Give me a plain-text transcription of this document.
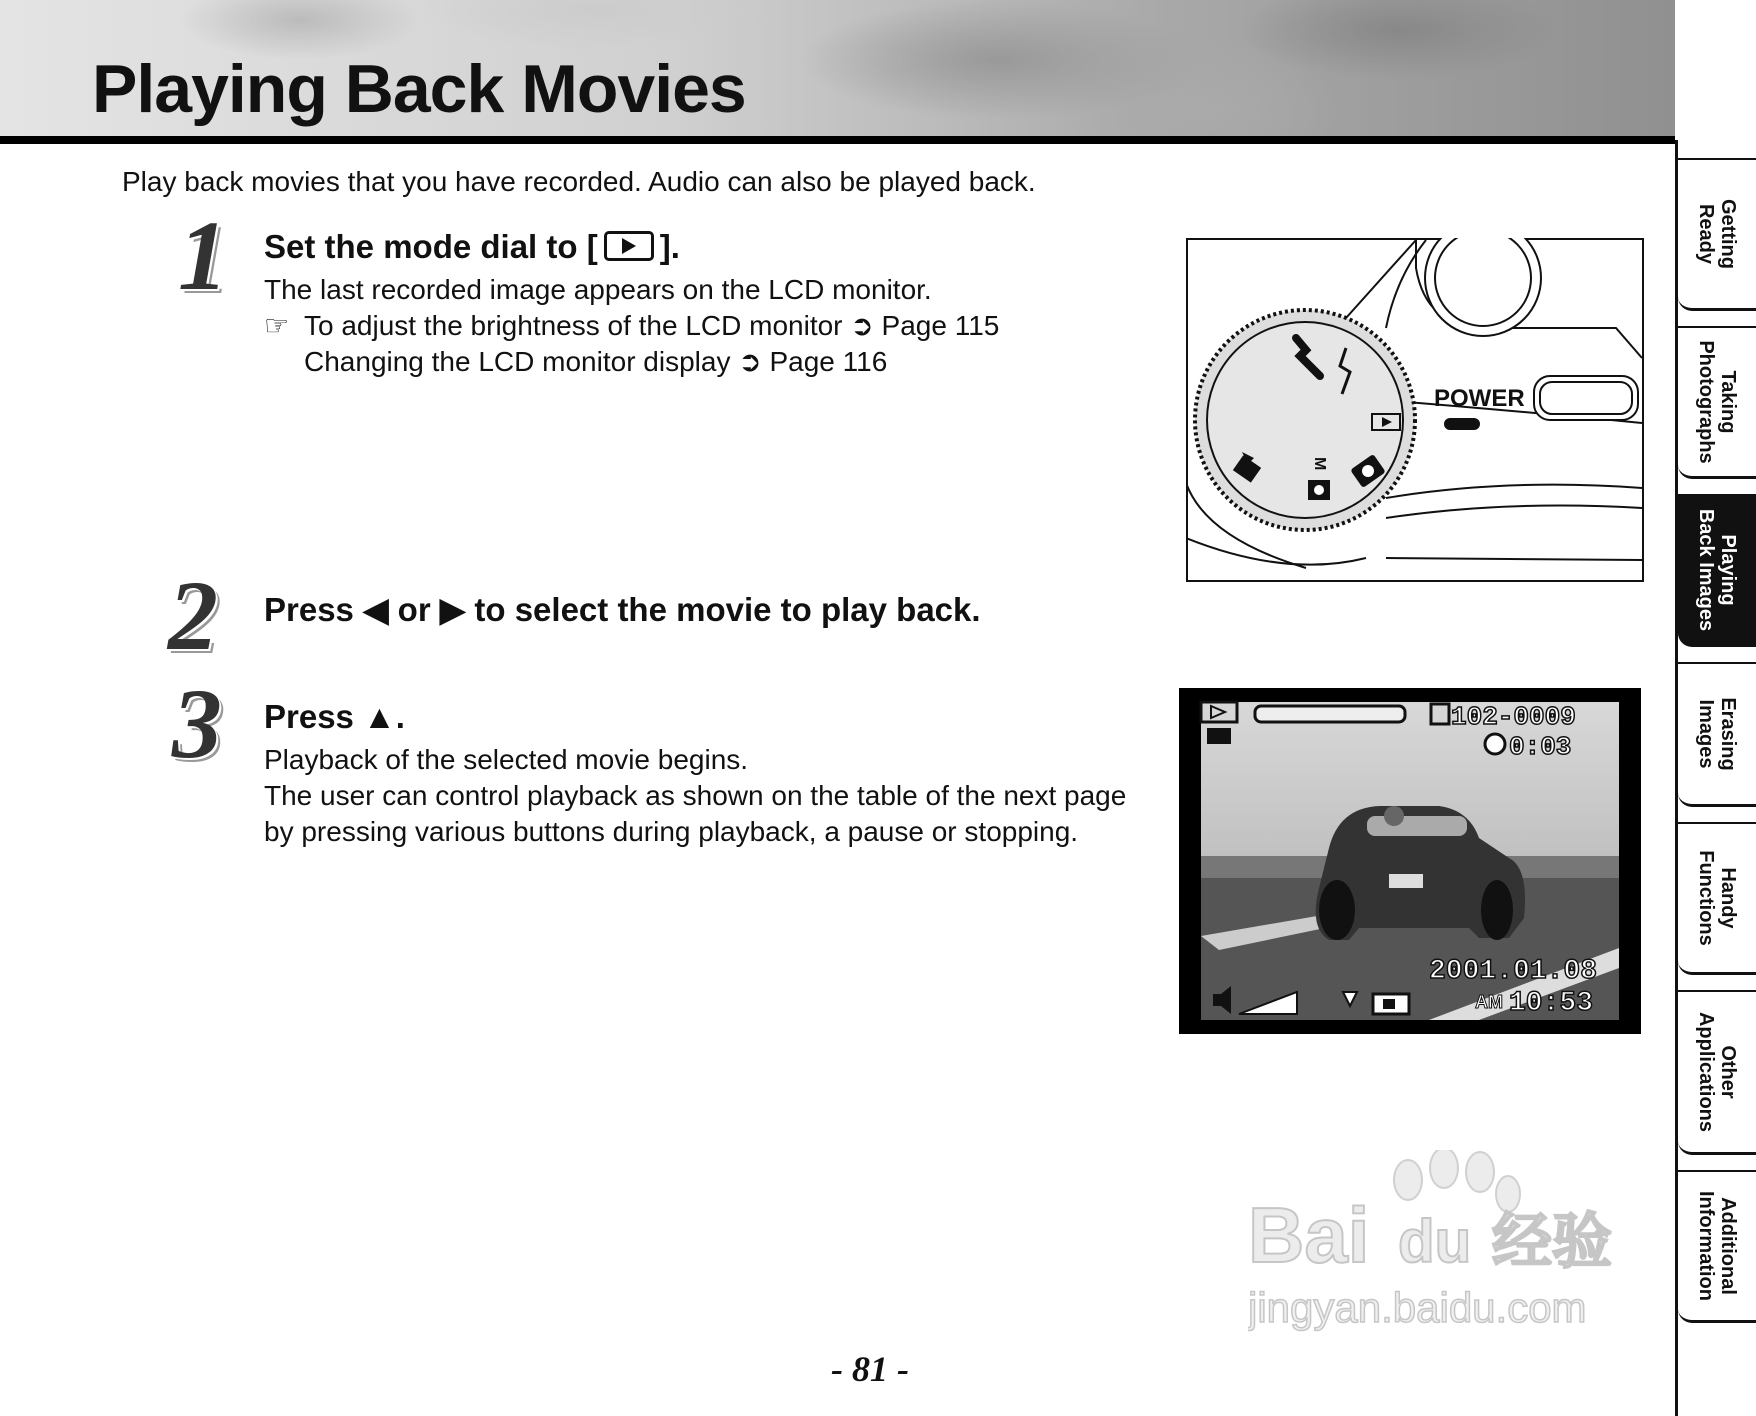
Playing Back Movies
Play back movies that you have recorded. Audio can also be played back.
1 Set the mode dial to [ ].
The last recorded image appears on the LCD monitor.
☞ To adjust the brightness of the LCD monitor ➲ Page 115
Changing the LCD monitor display ➲ Page 116
2 Press ◀ or ▶ to select the movie to play back.
3 Press ▲.
Playback of the selected movie begins.
The user can control playback as shown on the table of the next page by pressing various buttons during playback, a pause or stopping.
M
POWER
102-0009
0:03
2001.01.08
AM 10:53
Getting
Ready
Taking
Photographs
Playing
Back Images
Erasing
Images
Handy
Functions
Other
Applications
Additional
Information
Bai du 经验
jingyan.baidu.com
- 81 -
